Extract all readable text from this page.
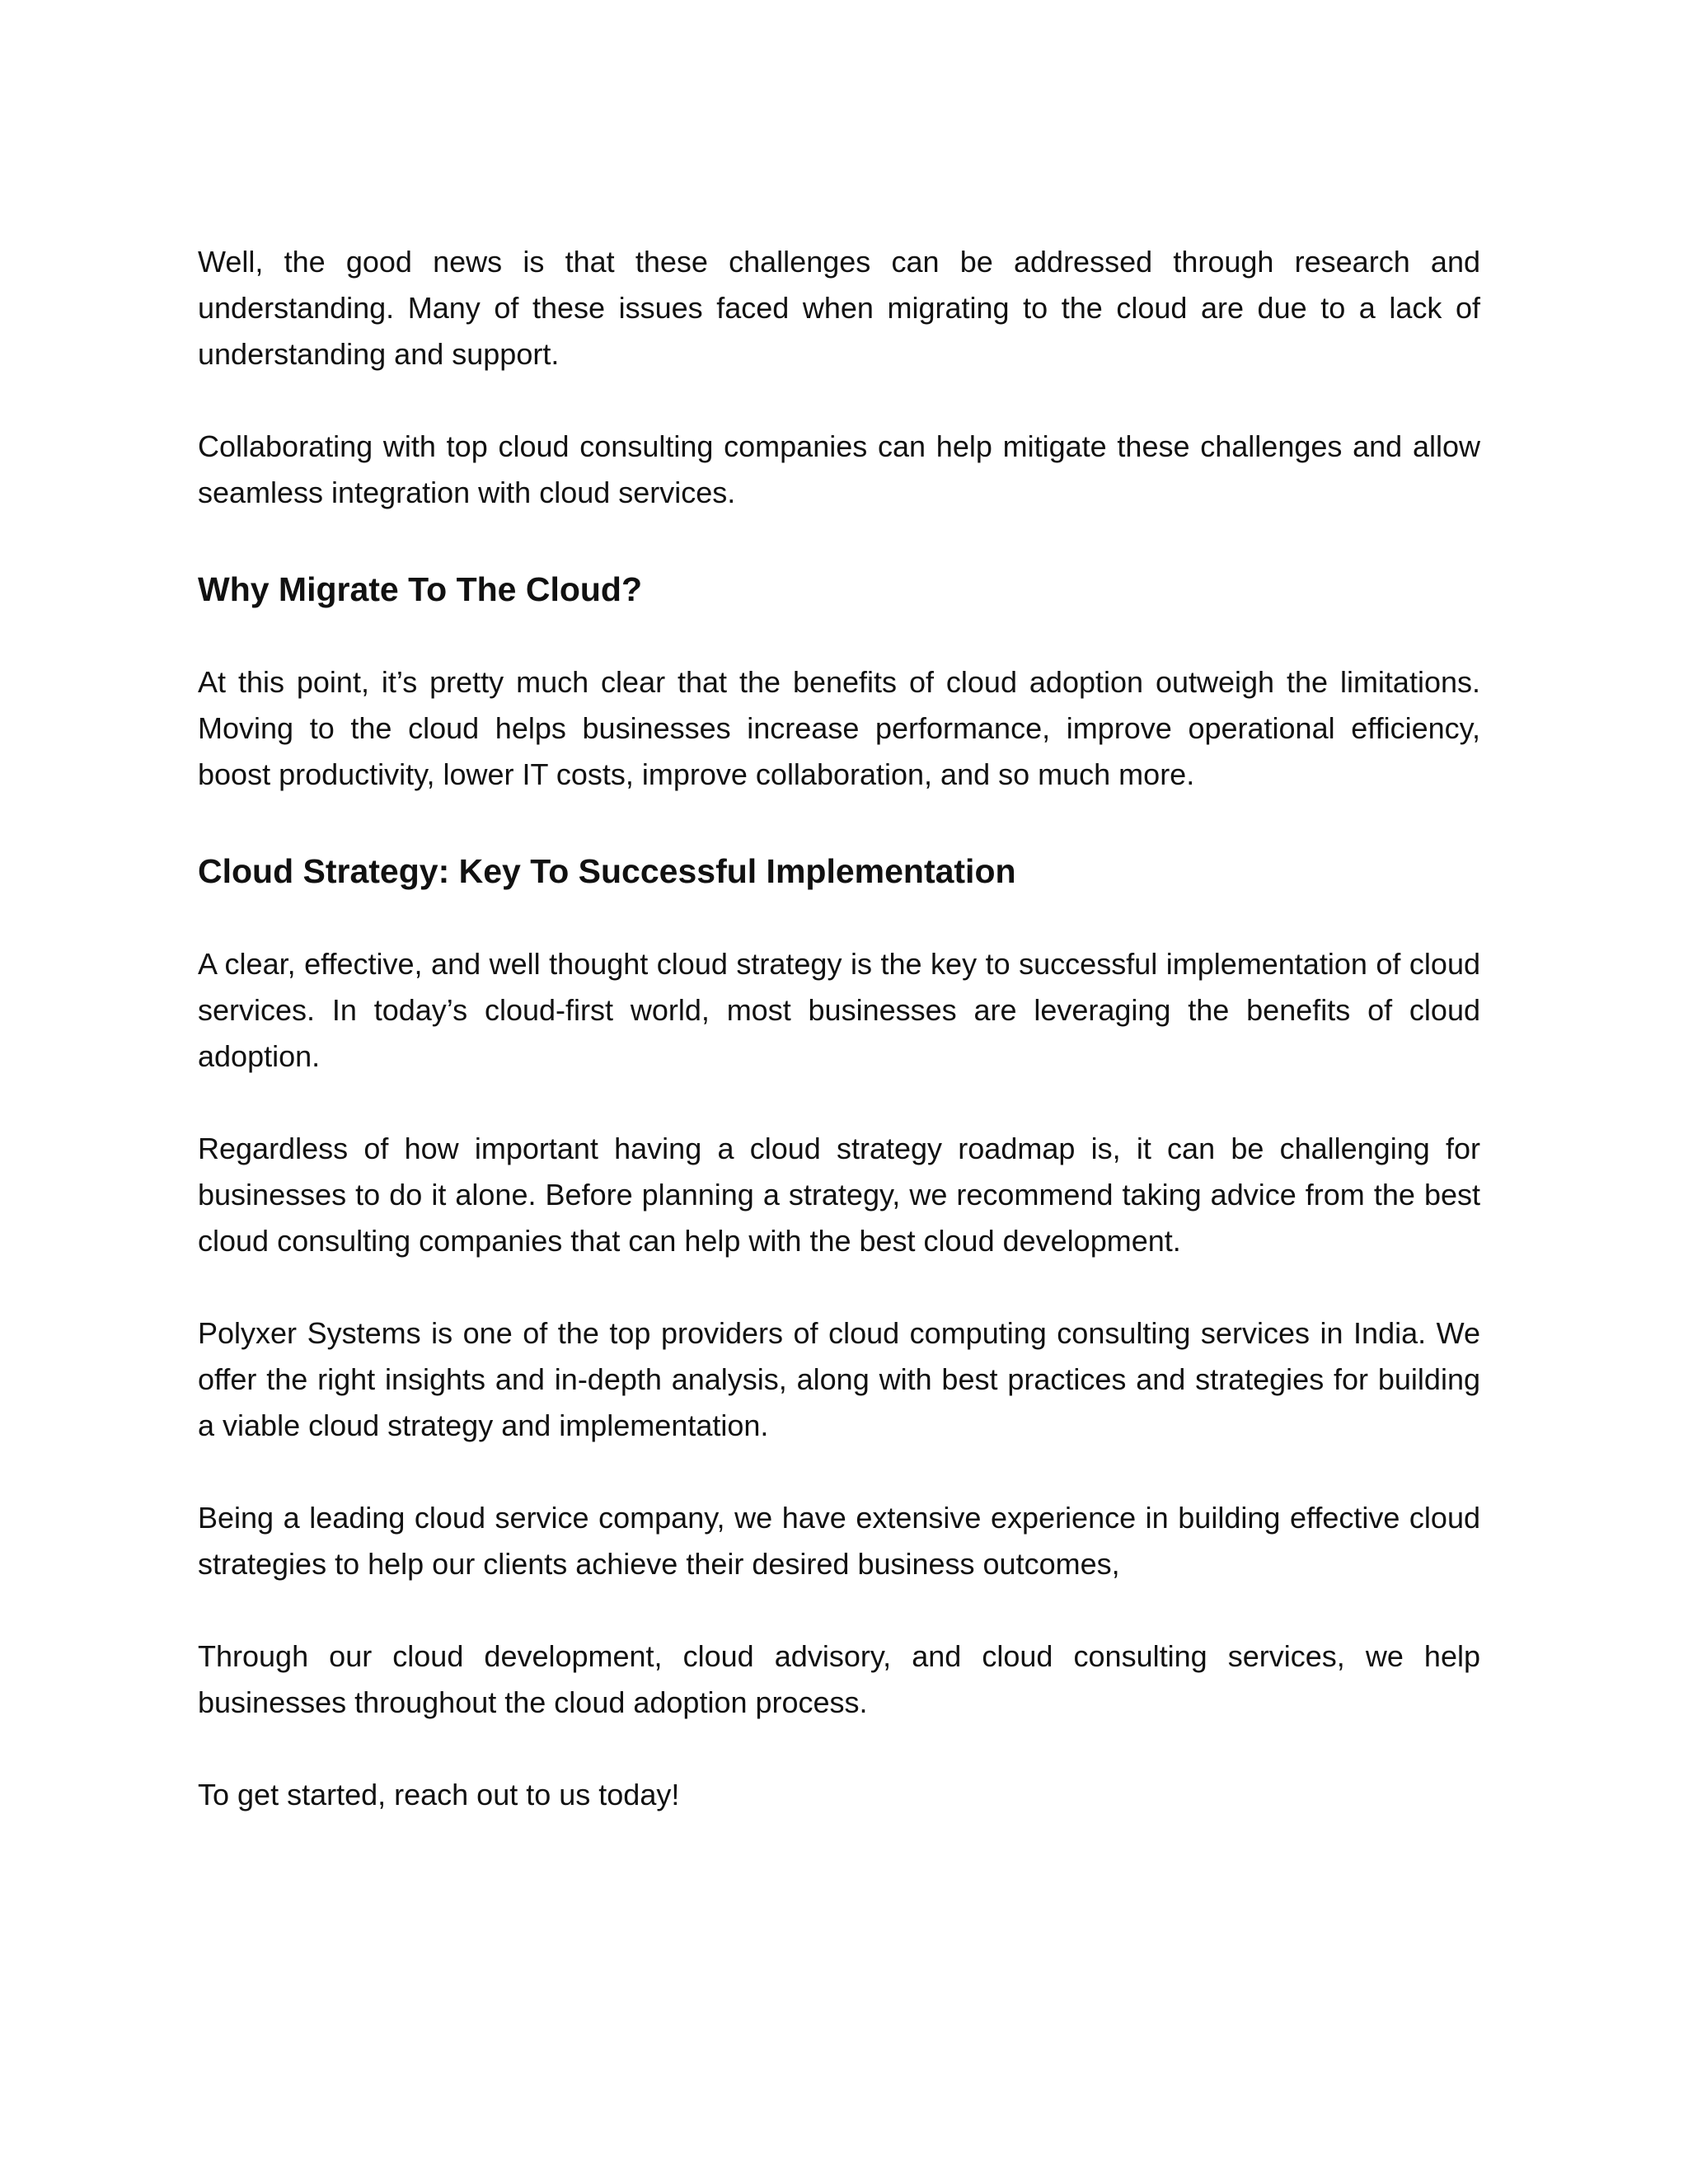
Well, the good news is that these challenges can be addressed through research and understanding. Many of these issues faced when migrating to the cloud are due to a lack of understanding and support.

Collaborating with top cloud consulting companies can help mitigate these challenges and allow seamless integration with cloud services.

Why Migrate To The Cloud?

At this point, it’s pretty much clear that the benefits of cloud adoption outweigh the limitations. Moving to the cloud helps businesses increase performance, improve operational efficiency, boost productivity, lower IT costs, improve collaboration, and so much more.

Cloud Strategy: Key To Successful Implementation

A clear, effective, and well thought cloud strategy is the key to successful implementation of cloud services. In today’s cloud-first world, most businesses are leveraging the benefits of cloud adoption.

Regardless of how important having a cloud strategy roadmap is, it can be challenging for businesses to do it alone. Before planning a strategy, we recommend taking advice from the best cloud consulting companies that can help with the best cloud development.

Polyxer Systems is one of the top providers of cloud computing consulting services in India. We offer the right insights and in-depth analysis, along with best practices and strategies for building a viable cloud strategy and implementation.

Being a leading cloud service company, we have extensive experience in building effective cloud strategies to help our clients achieve their desired business outcomes,

Through our cloud development, cloud advisory, and cloud consulting services, we help businesses throughout the cloud adoption process.

To get started, reach out to us today!
